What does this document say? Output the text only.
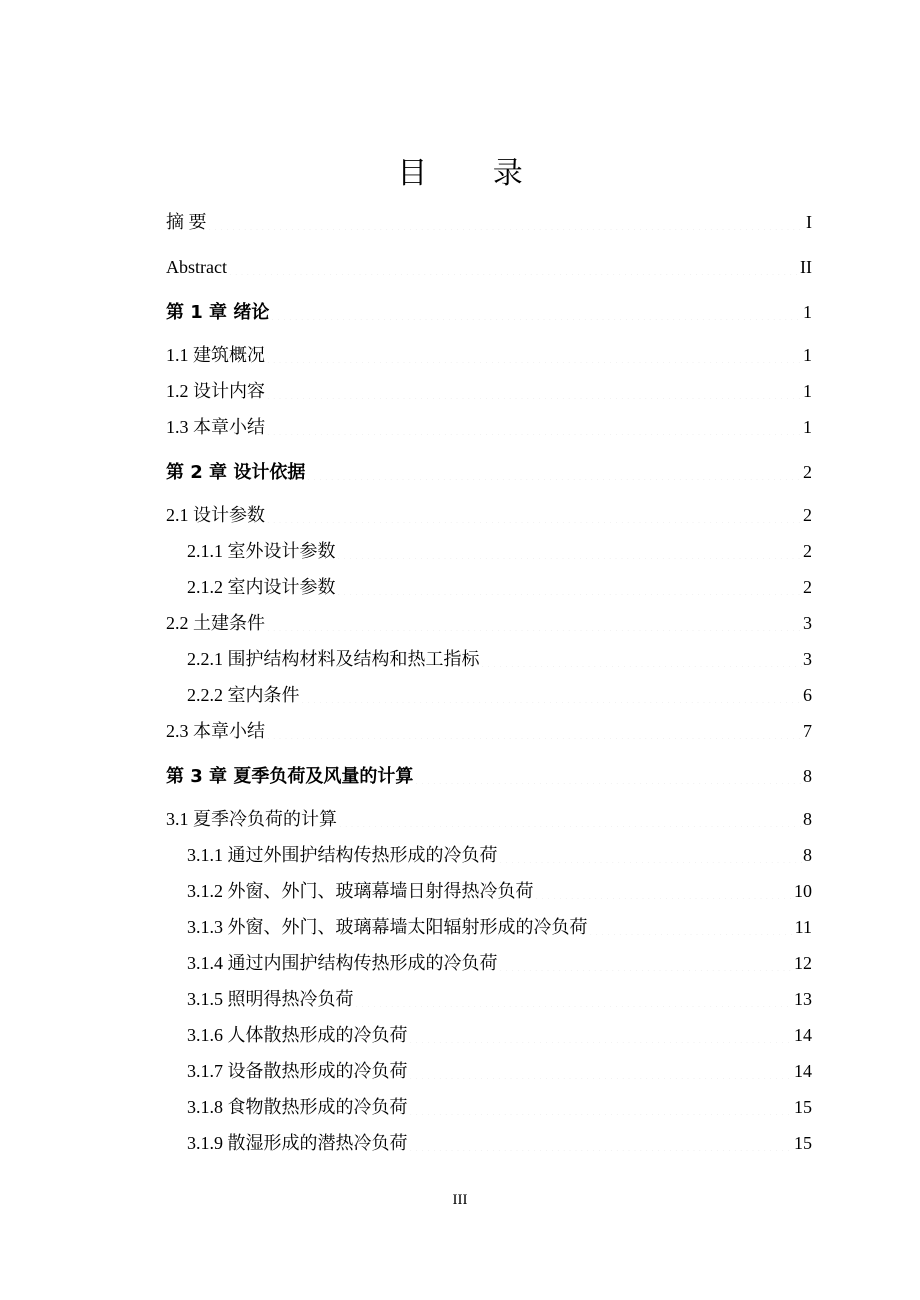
目 录
摘 要 .....	I
Abstract .....	II
第 1 章 绪论 .....	1
1.1 建筑概况 .....	1
1.2 设计内容 .....	1
1.3 本章小结 .....	1
第 2 章 设计依据 .....	2
2.1 设计参数 .....	2
2.1.1 室外设计参数 .....	2
2.1.2 室内设计参数 .....	2
2.2 土建条件 .....	3
2.2.1 围护结构材料及结构和热工指标 .....	3
2.2.2 室内条件 .....	6
2.3 本章小结 .....	7
第 3 章 夏季负荷及风量的计算 .....	8
3.1 夏季冷负荷的计算 .....	8
3.1.1 通过外围护结构传热形成的冷负荷 .....	8
3.1.2 外窗、外门、玻璃幕墙日射得热冷负荷 .....	10
3.1.3 外窗、外门、玻璃幕墙太阳辐射形成的冷负荷 .....	11
3.1.4 通过内围护结构传热形成的冷负荷 .....	12
3.1.5 照明得热冷负荷 .....	13
3.1.6 人体散热形成的冷负荷 .....	14
3.1.7 设备散热形成的冷负荷 .....	14
3.1.8 食物散热形成的冷负荷 .....	15
3.1.9 散湿形成的潜热冷负荷 .....	15
III
